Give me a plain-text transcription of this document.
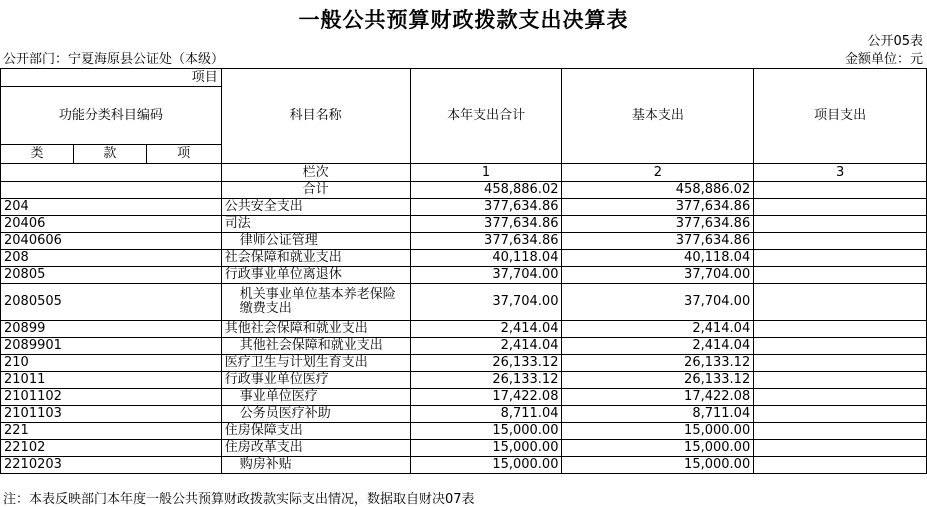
一般公共预算财政拨款支出决算表
公开05表
公开部门：宁夏海原县公证处（本级）	金额单位：元
项目			科目名称	本年支出合计	基本支出	项目支出
功能分类科目编码						
类	款	项				

			栏次	1	2	3
			合计	458,886.02	458,886.02	
204			公共安全支出	377,634.86	377,634.86	
20406			司法	377,634.86	377,634.86	
2040606			律师公证管理	377,634.86	377,634.86	
208			社会保障和就业支出	40,118.04	40,118.04	
20805			行政事业单位离退休	37,704.00	37,704.00	
2080505			机关事业单位基本养老保险缴费支出	37,704.00	37,704.00	
20899			其他社会保障和就业支出	2,414.04	2,414.04	
2089901			其他社会保障和就业支出	2,414.04	2,414.04	
210			医疗卫生与计划生育支出	26,133.12	26,133.12	
21011			行政事业单位医疗	26,133.12	26,133.12	
2101102			事业单位医疗	17,422.08	17,422.08	
2101103			公务员医疗补助	8,711.04	8,711.04	
221			住房保障支出	15,000.00	15,000.00	
22102			住房改革支出	15,000.00	15,000.00	
2210203			购房补贴	15,000.00	15,000.00	
注：本表反映部门本年度一般公共预算财政拨款实际支出情况，数据取自财决07表
